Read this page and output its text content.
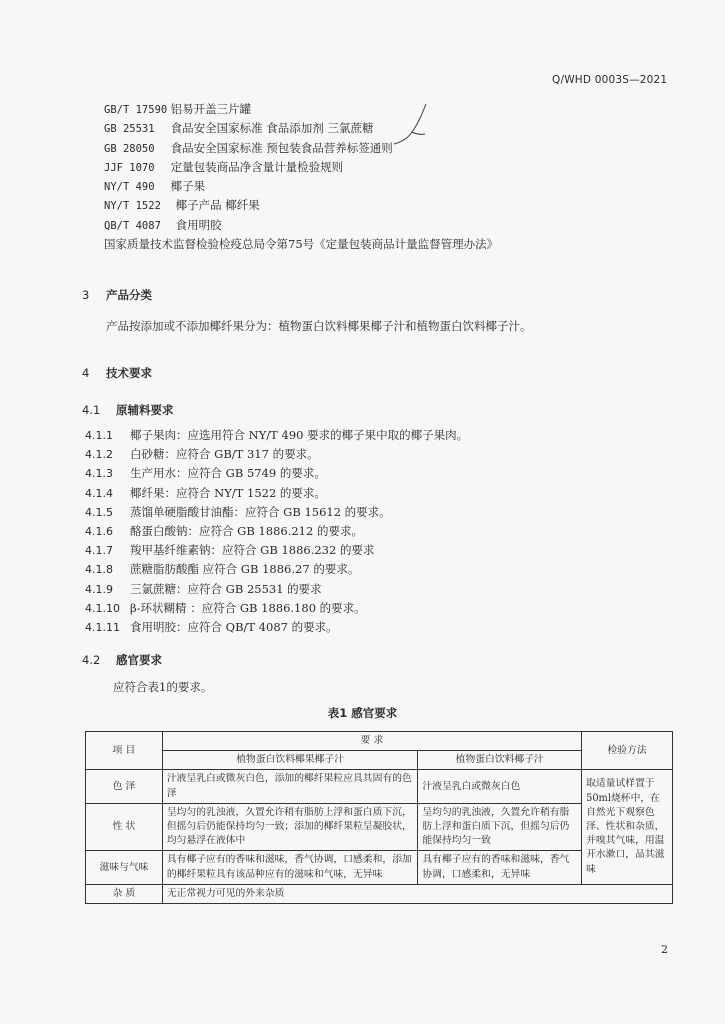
Q/WHD 0003S—2021
GB/T 17590 铝易开盖三片罐
GB 25531 食品安全国家标准 食品添加剂 三氯蔗糖
GB 28050 食品安全国家标准 预包装食品营养标签通则
JJF 1070 定量包装商品净含量计量检验规则
NY/T 490 椰子果
NY/T 1522 椰子产品 椰纤果
QB/T 4087 食用明胶
国家质量技术监督检验检疫总局令第75号《定量包装商品计量监督管理办法》
3 产品分类
产品按添加或不添加椰纤果分为：植物蛋白饮料椰果椰子汁和植物蛋白饮料椰子汁。
4 技术要求
4.1 原辅料要求
4.1.1 椰子果肉：应选用符合 NY/T 490 要求的椰子果中取的椰子果肉。
4.1.2 白砂糖：应符合 GB/T 317 的要求。
4.1.3 生产用水：应符合 GB 5749 的要求。
4.1.4 椰纤果：应符合 NY/T 1522 的要求。
4.1.5 蒸馏单硬脂酸甘油酯：应符合 GB 15612 的要求。
4.1.6 酪蛋白酸钠：应符合 GB 1886.212 的要求。
4.1.7 羧甲基纤维素钠：应符合 GB 1886.232 的要求
4.1.8 蔗糖脂肪酸酯 应符合 GB 1886.27 的要求。
4.1.9 三氯蔗糖：应符合 GB 25531 的要求
4.1.10 β-环状糊精 ：应符合 GB 1886.180 的要求。
4.1.11 食用明胶：应符合 QB/T 4087 的要求。
4.2 感官要求
应符合表1的要求。
表1 感官要求
项 目	要 求		检验方法
	植物蛋白饮料椰果椰子汁	植物蛋白饮料椰子汁	
色 泽	汁液呈乳白或微灰白色，添加的椰纤果粒应具其固有的色泽	汁液呈乳白或微灰白色	取适量试样置于50ml烧杯中，在自然光下观察色泽、性状和杂质，并嗅其气味，用温开水漱口，品其滋味
性 状	呈均匀的乳浊液，久置允许稍有脂肪上浮和蛋白质下沉，但摇匀后仍能保持均匀一致；添加的椰纤果粒呈凝胶状，均匀悬浮在液体中	呈均匀的乳浊液，久置允许稍有脂肪上浮和蛋白质下沉，但摇匀后仍能保持均匀一致	
滋味与气味	具有椰子应有的香味和滋味，香气协调，口感柔和，添加的椰纤果粒具有该品种应有的滋味和气味，无异味	具有椰子应有的香味和滋味，香气协调，口感柔和，无异味	
杂 质	无正常视力可见的外来杂质		
2
